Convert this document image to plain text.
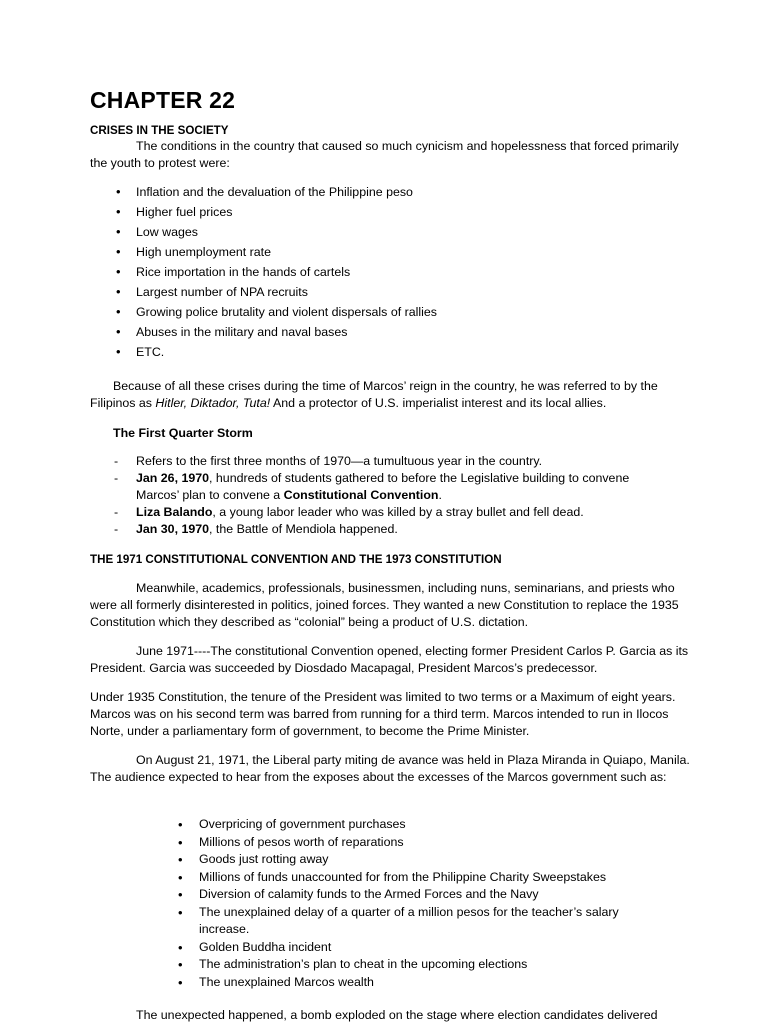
CHAPTER 22

CRISES IN THE SOCIETY

The conditions in the country that caused so much cynicism and hopelessness that forced primarily the youth to protest were:

• Inflation and the devaluation of the Philippine peso
• Higher fuel prices
• Low wages
• High unemployment rate
• Rice importation in the hands of cartels
• Largest number of NPA recruits
• Growing police brutality and violent dispersals of rallies
• Abuses in the military and naval bases
• ETC.

Because of all these crises during the time of Marcos’ reign in the country, he was referred to by the Filipinos as Hitler, Diktador, Tuta! And a protector of U.S. imperialist interest and its local allies.

The First Quarter Storm

- Refers to the first three months of 1970—a tumultuous year in the country.
- Jan 26, 1970, hundreds of students gathered to before the Legislative building to convene Marcos’ plan to convene a Constitutional Convention.
- Liza Balando, a young labor leader who was killed by a stray bullet and fell dead.
- Jan 30, 1970, the Battle of Mendiola happened.

THE 1971 CONSTITUTIONAL CONVENTION AND THE 1973 CONSTITUTION

Meanwhile, academics, professionals, businessmen, including nuns, seminarians, and priests who were all formerly disinterested in politics, joined forces. They wanted a new Constitution to replace the 1935 Constitution which they described as “colonial” being a product of U.S. dictation.

June 1971----The constitutional Convention opened, electing former President Carlos P. Garcia as its President. Garcia was succeeded by Diosdado Macapagal, President Marcos’s predecessor.

Under 1935 Constitution, the tenure of the President was limited to two terms or a Maximum of eight years. Marcos was on his second term was barred from running for a third term. Marcos intended to run in Ilocos Norte, under a parliamentary form of government, to become the Prime Minister.

On August 21, 1971, the Liberal party miting de avance was held in Plaza Miranda in Quiapo, Manila. The audience expected to hear from the exposes about the excesses of the Marcos government such as:

• Overpricing of government purchases
• Millions of pesos worth of reparations
• Goods just rotting away
• Millions of funds unaccounted for from the Philippine Charity Sweepstakes
• Diversion of calamity funds to the Armed Forces and the Navy
• The unexplained delay of a quarter of a million pesos for the teacher’s salary increase.
• Golden Buddha incident
• The administration’s plan to cheat in the upcoming elections
• The unexplained Marcos wealth

The unexpected happened, a bomb exploded on the stage where election candidates delivered
